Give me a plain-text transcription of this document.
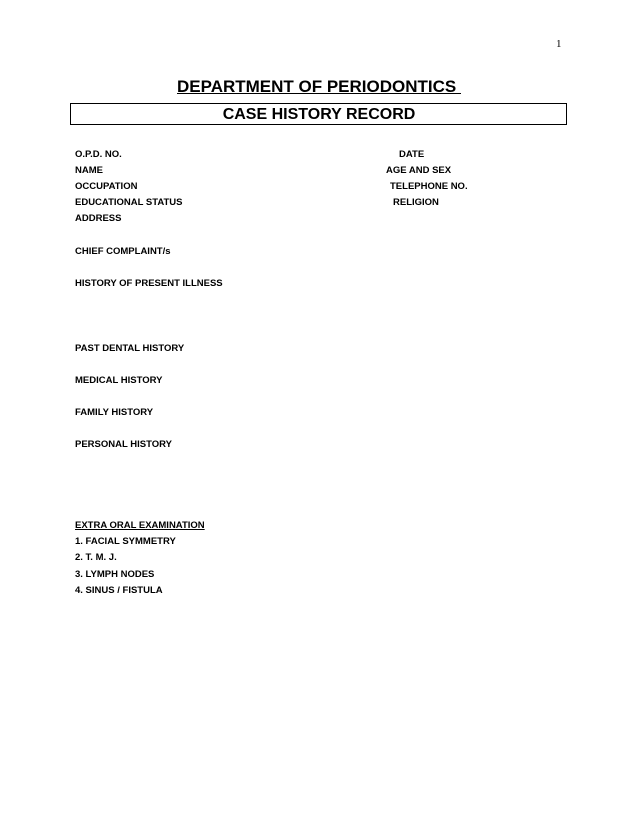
1
DEPARTMENT OF PERIODONTICS
CASE HISTORY RECORD
O.P.D. NO.	DATE
NAME	AGE AND SEX
OCCUPATION	TELEPHONE NO.
EDUCATIONAL STATUS	RELIGION
ADDRESS
CHIEF COMPLAINT/s
HISTORY OF PRESENT ILLNESS
PAST DENTAL HISTORY
MEDICAL HISTORY
FAMILY HISTORY
PERSONAL HISTORY
EXTRA ORAL EXAMINATION
1. FACIAL SYMMETRY
2. T. M. J.
3. LYMPH NODES
4. SINUS / FISTULA
